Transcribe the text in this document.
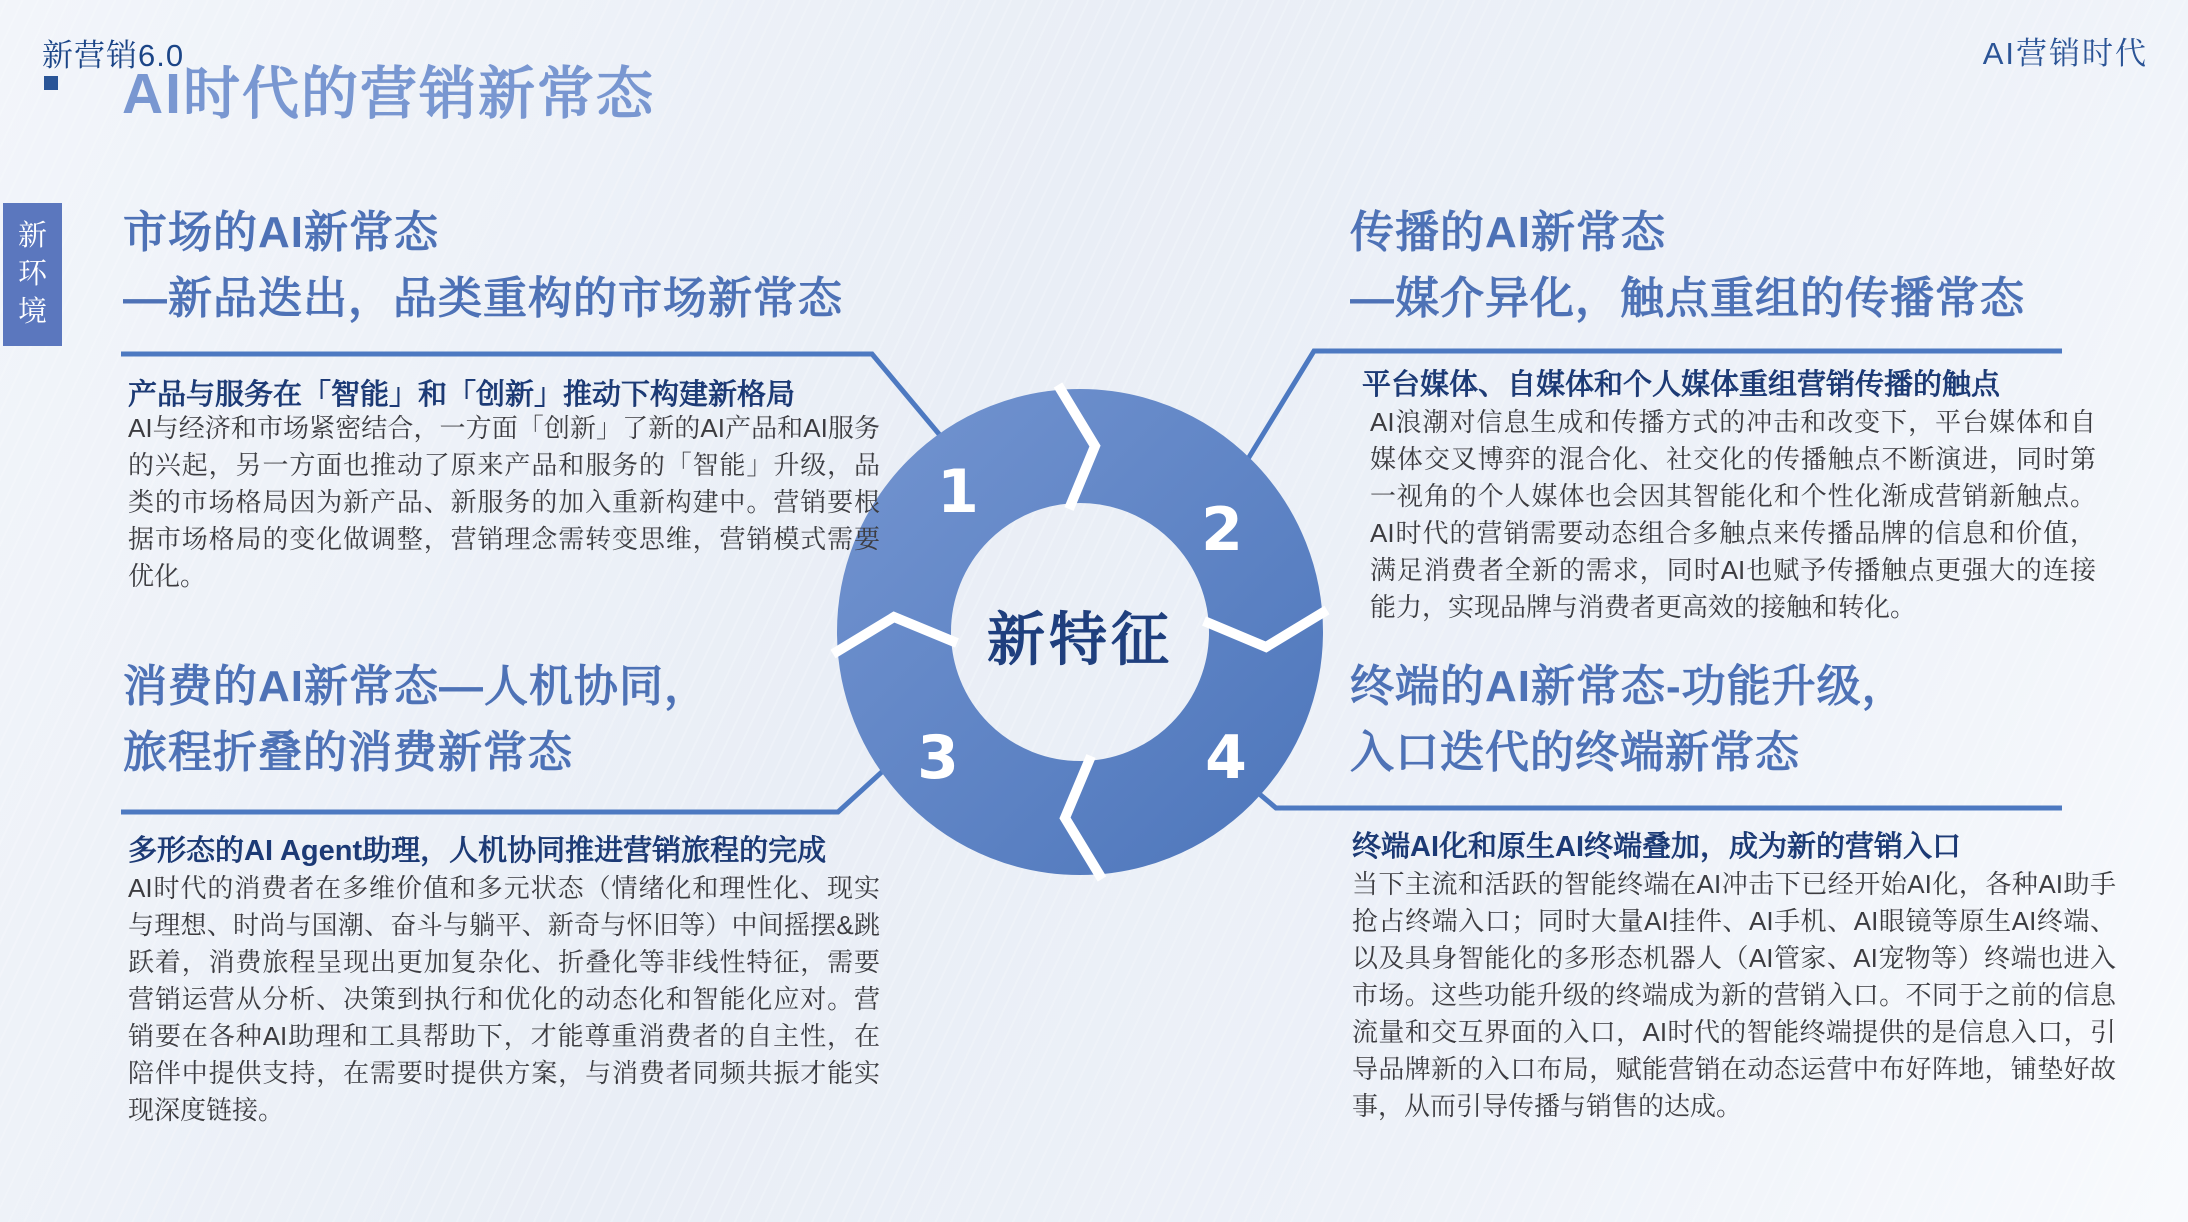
新营销6.0	AI营销时代
AI时代的营销新常态
新
环
境
1
2
3	4
新特征
市场的AI新常态
—新品迭出，品类重构的市场新常态
产品与服务在「智能」和「创新」推动下构建新格局

AI与经济和市场紧密结合，一方面「创新」了新的AI产品和AI服务的兴起，另一方面也推动了原来产品和服务的「智能」升级，品类的市场格局因为新产品、新服务的加入重新构建中。营销要根据市场格局的变化做调整，营销理念需转变思维，营销模式需要优化。

传播的AI新常态
—媒介异化，触点重组的传播常态
平台媒体、自媒体和个人媒体重组营销传播的触点

AI浪潮对信息生成和传播方式的冲击和改变下，平台媒体和自媒体交叉博弈的混合化、社交化的传播触点不断演进，同时第一视角的个人媒体也会因其智能化和个性化渐成营销新触点。AI时代的营销需要动态组合多触点来传播品牌的信息和价值，满足消费者全新的需求，同时AI也赋予传播触点更强大的连接能力，实现品牌与消费者更高效的接触和转化。

消费的AI新常态—人机协同，
旅程折叠的消费新常态
多形态的AI Agent助理，人机协同推进营销旅程的完成

AI时代的消费者在多维价值和多元状态（情绪化和理性化、现实与理想、时尚与国潮、奋斗与躺平、新奇与怀旧等）中间摇摆&跳跃着，消费旅程呈现出更加复杂化、折叠化等非线性特征，需要营销运营从分析、决策到执行和优化的动态化和智能化应对。营销要在各种AI助理和工具帮助下，才能尊重消费者的自主性，在陪伴中提供支持，在需要时提供方案，与消费者同频共振才能实现深度链接。

终端的AI新常态-功能升级，
入口迭代的终端新常态
终端AI化和原生AI终端叠加，成为新的营销入口

当下主流和活跃的智能终端在AI冲击下已经开始AI化，各种AI助手抢占终端入口；同时大量AI挂件、AI手机、AI眼镜等原生AI终端、以及具身智能化的多形态机器人（AI管家、AI宠物等）终端也进入市场。这些功能升级的终端成为新的营销入口。不同于之前的信息流量和交互界面的入口，AI时代的智能终端提供的是信息入口，引导品牌新的入口布局，赋能营销在动态运营中布好阵地，铺垫好故事，从而引导传播与销售的达成。
